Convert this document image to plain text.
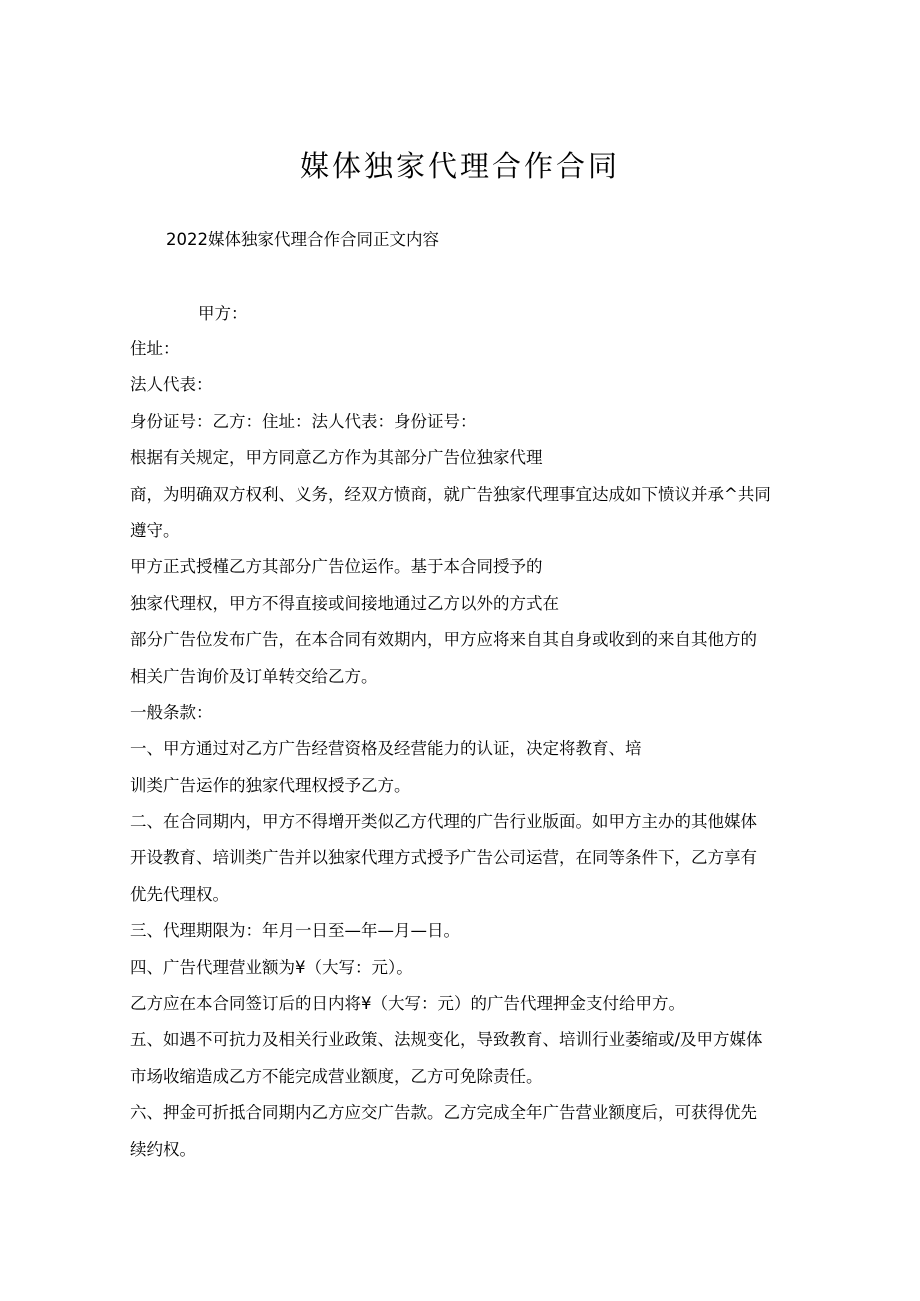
媒体独家代理合作合同

2022媒体独家代理合作合同正文内容

甲方：

住址：

法人代表：

身份证号：乙方：住址：法人代表：身份证号：

根据有关规定，甲方同意乙方作为其部分广告位独家代理

商，为明确双方权利、义务，经双方愤商，就广告独家代理事宜达成如下愤议并承^共同

遵守。

甲方正式授槿乙方其部分广告位运作。基于本合同授予的

独家代理权，甲方不得直接或间接地通过乙方以外的方式在

部分广告位发布广告，在本合同有效期内，甲方应将来自其自身或收到的来自其他方的

相关广告询价及订单转交给乙方。

一般条款：

一、甲方通过对乙方广告经营资格及经营能力的认证，决定将教育、培

训类广告运作的独家代理权授予乙方。

二、在合同期内，甲方不得增开类似乙方代理的广告行业版面。如甲方主办的其他媒体

开设教育、培训类广告并以独家代理方式授予广告公司运营，在同等条件下，乙方享有

优先代理权。

三、代理期限为：年月一日至—年—月—日。

四、广告代理营业额为¥（大写：元）。

乙方应在本合同签订后的日内将¥（大写：元）的广告代理押金支付给甲方。

五、如遇不可抗力及相关行业政策、法规变化，导致教育、培训行业萎缩或/及甲方媒体

市场收缩造成乙方不能完成营业额度，乙方可免除责任。

六、押金可折抵合同期内乙方应交广告款。乙方完成全年广告营业额度后，可获得优先

续约权。
